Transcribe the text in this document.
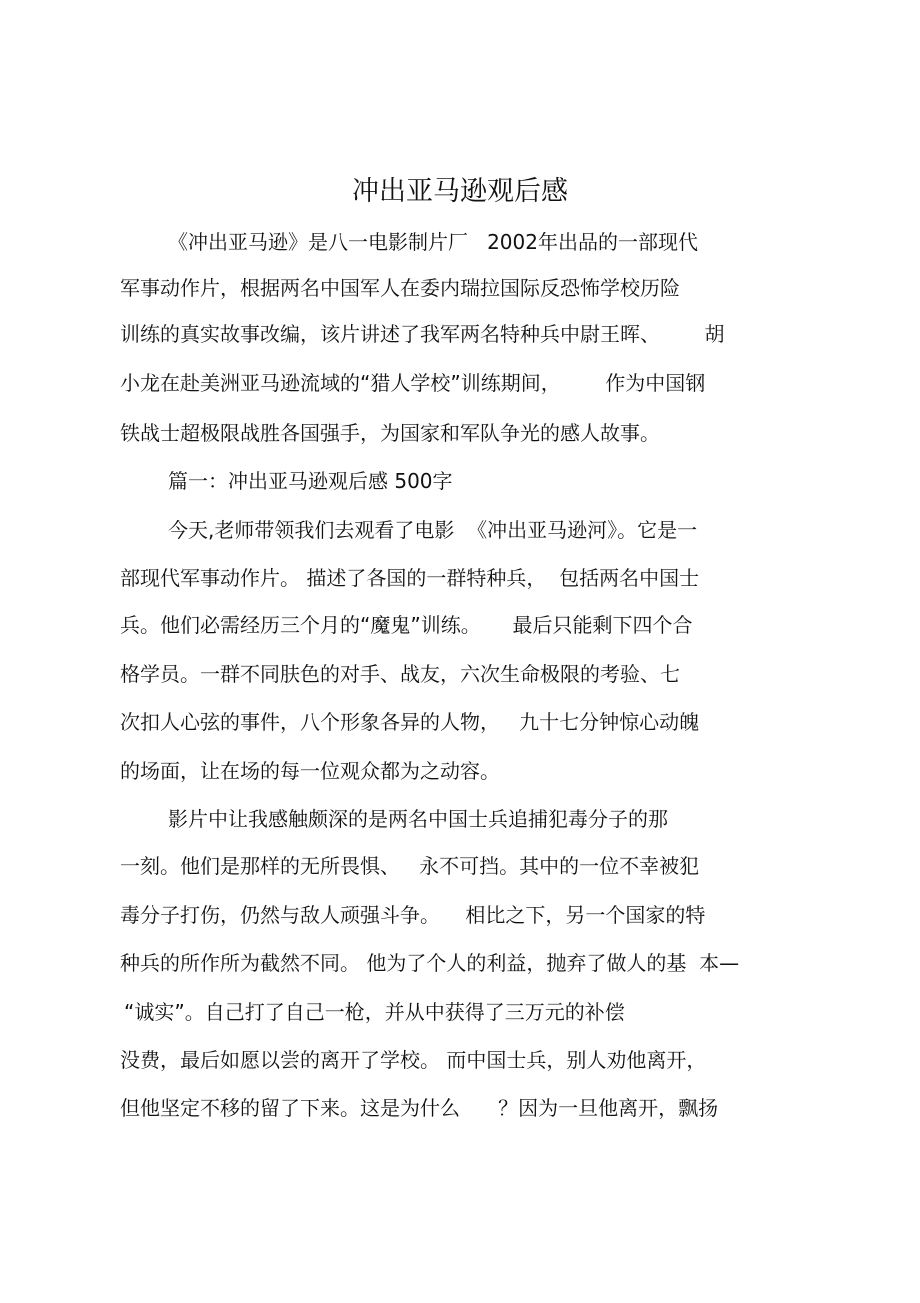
冲出亚马逊观后感
《冲出亚马逊》是八一电影制片厂   2002年出品的一部现代
军事动作片，根据两名中国军人在委内瑞拉国际反恐怖学校历险
训练的真实故事改编，该片讲述了我军两名特种兵中尉王晖、       胡
小龙在赴美洲亚马逊流域的“猎人学校”训练期间，       作为中国钢
铁战士超极限战胜各国强手，为国家和军队争光的感人故事。
篇一：冲出亚马逊观后感 500字
今天,老师带领我们去观看了电影  《冲出亚马逊河》。它是一
部现代军事动作片。 描述了各国的一群特种兵，  包括两名中国士
兵。他们必需经历三个月的“魔鬼”训练。     最后只能剩下四个合
格学员。一群不同肤色的对手、战友，六次生命极限的考验、七
次扣人心弦的事件，八个形象各异的人物，   九十七分钟惊心动魄
的场面，让在场的每一位观众都为之动容。
影片中让我感触颇深的是两名中国士兵追捕犯毒分子的那
一刻。他们是那样的无所畏惧、   永不可挡。其中的一位不幸被犯
毒分子打伤，仍然与敌人顽强斗争。    相比之下，另一个国家的特
种兵的所作所为截然不同。 他为了个人的利益，抛弃了做人的基  本—
“诚实”。自己打了自己一枪，并从中获得了三万元的补偿
没费，最后如愿以尝的离开了学校。 而中国士兵，别人劝他离开，
但他坚定不移的留了下来。这是为什么      ？因为一旦他离开，飘扬
